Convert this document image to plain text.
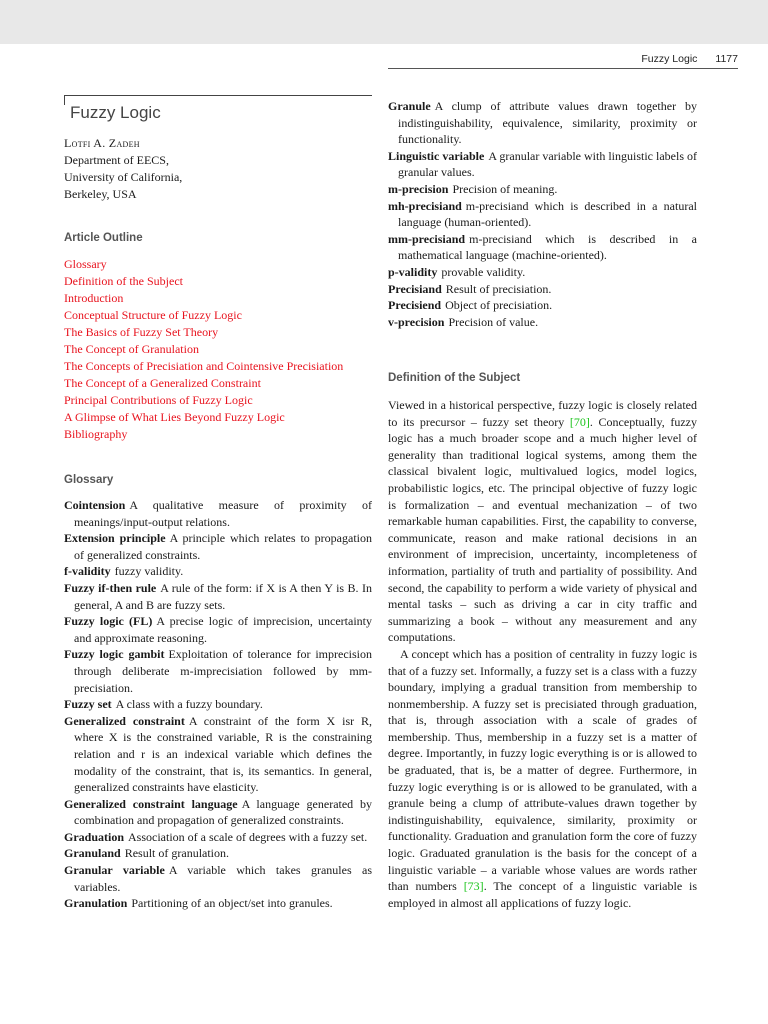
Fuzzy Logic 1177
Fuzzy Logic
Lotfi A. Zadeh
Department of EECS,
University of California,
Berkeley, USA
Article Outline
Glossary
Definition of the Subject
Introduction
Conceptual Structure of Fuzzy Logic
The Basics of Fuzzy Set Theory
The Concept of Granulation
The Concepts of Precisiation and Cointensive Precisiation
The Concept of a Generalized Constraint
Principal Contributions of Fuzzy Logic
A Glimpse of What Lies Beyond Fuzzy Logic
Bibliography
Glossary

Cointension A qualitative measure of proximity of meanings/input-output relations.

Extension principle A principle which relates to propagation of generalized constraints.

f-validity fuzzy validity.

Fuzzy if-then rule A rule of the form: if X is A then Y is B. In general, A and B are fuzzy sets.

Fuzzy logic (FL) A precise logic of imprecision, uncertainty and approximate reasoning.

Fuzzy logic gambit Exploitation of tolerance for imprecision through deliberate m-imprecisiation followed by mm-precisiation.

Fuzzy set A class with a fuzzy boundary.

Generalized constraint A constraint of the form X isr R, where X is the constrained variable, R is the constraining relation and r is an indexical variable which defines the modality of the constraint, that is, its semantics. In general, generalized constraints have elasticity.

Generalized constraint language A language generated by combination and propagation of generalized constraints.

Graduation Association of a scale of degrees with a fuzzy set.

Granuland Result of granulation.

Granular variable A variable which takes granules as variables.

Granulation Partitioning of an object/set into granules.

Granule A clump of attribute values drawn together by indistinguishability, equivalence, similarity, proximity or functionality.

Linguistic variable A granular variable with linguistic labels of granular values.

m-precision Precision of meaning.

mh-precisiand m-precisiand which is described in a natural language (human-oriented).

mm-precisiand m-precisiand which is described in a mathematical language (machine-oriented).

p-validity provable validity.

Precisiand Result of precisiation.

Precisiend Object of precisiation.

v-precision Precision of value.

Definition of the Subject

Viewed in a historical perspective, fuzzy logic is closely related to its precursor – fuzzy set theory [70]. Conceptually, fuzzy logic has a much broader scope and a much higher level of generality than traditional logical systems, among them the classical bivalent logic, multivalued logics, model logics, probabilistic logics, etc. The principal objective of fuzzy logic is formalization – and eventual mechanization – of two remarkable human capabilities. First, the capability to converse, communicate, reason and make rational decisions in an environment of imprecision, uncertainty, incompleteness of information, partiality of truth and partiality of possibility. And second, the capability to perform a wide variety of physical and mental tasks – such as driving a car in city traffic and summarizing a book – without any measurement and any computations.

A concept which has a position of centrality in fuzzy logic is that of a fuzzy set. Informally, a fuzzy set is a class with a fuzzy boundary, implying a gradual transition from membership to nonmembership. A fuzzy set is precisiated through graduation, that is, through association with a scale of grades of membership. Thus, membership in a fuzzy set is a matter of degree. Importantly, in fuzzy logic everything is or is allowed to be graduated, that is, be a matter of degree. Furthermore, in fuzzy logic everything is or is allowed to be granulated, with a granule being a clump of attribute-values drawn together by indistinguishability, equivalence, similarity, proximity or functionality. Graduation and granulation form the core of fuzzy logic. Graduated granulation is the basis for the concept of a linguistic variable – a variable whose values are words rather than numbers [73]. The concept of a linguistic variable is employed in almost all applications of fuzzy logic.
